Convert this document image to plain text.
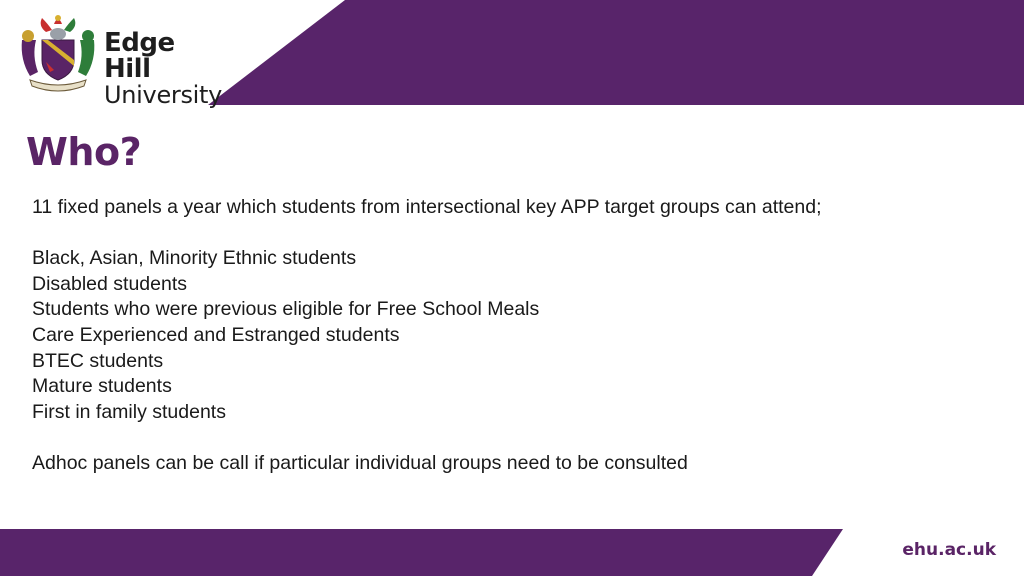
Edge Hill
University
Who?

11 fixed panels a year which students from intersectional key APP target groups can attend;

Black, Asian, Minority Ethnic students
Disabled students
Students who were previous eligible for Free School Meals
Care Experienced and Estranged students
BTEC students
Mature students
First in family students

Adhoc panels can be call if particular individual groups need to be consulted

ehu.ac.uk
